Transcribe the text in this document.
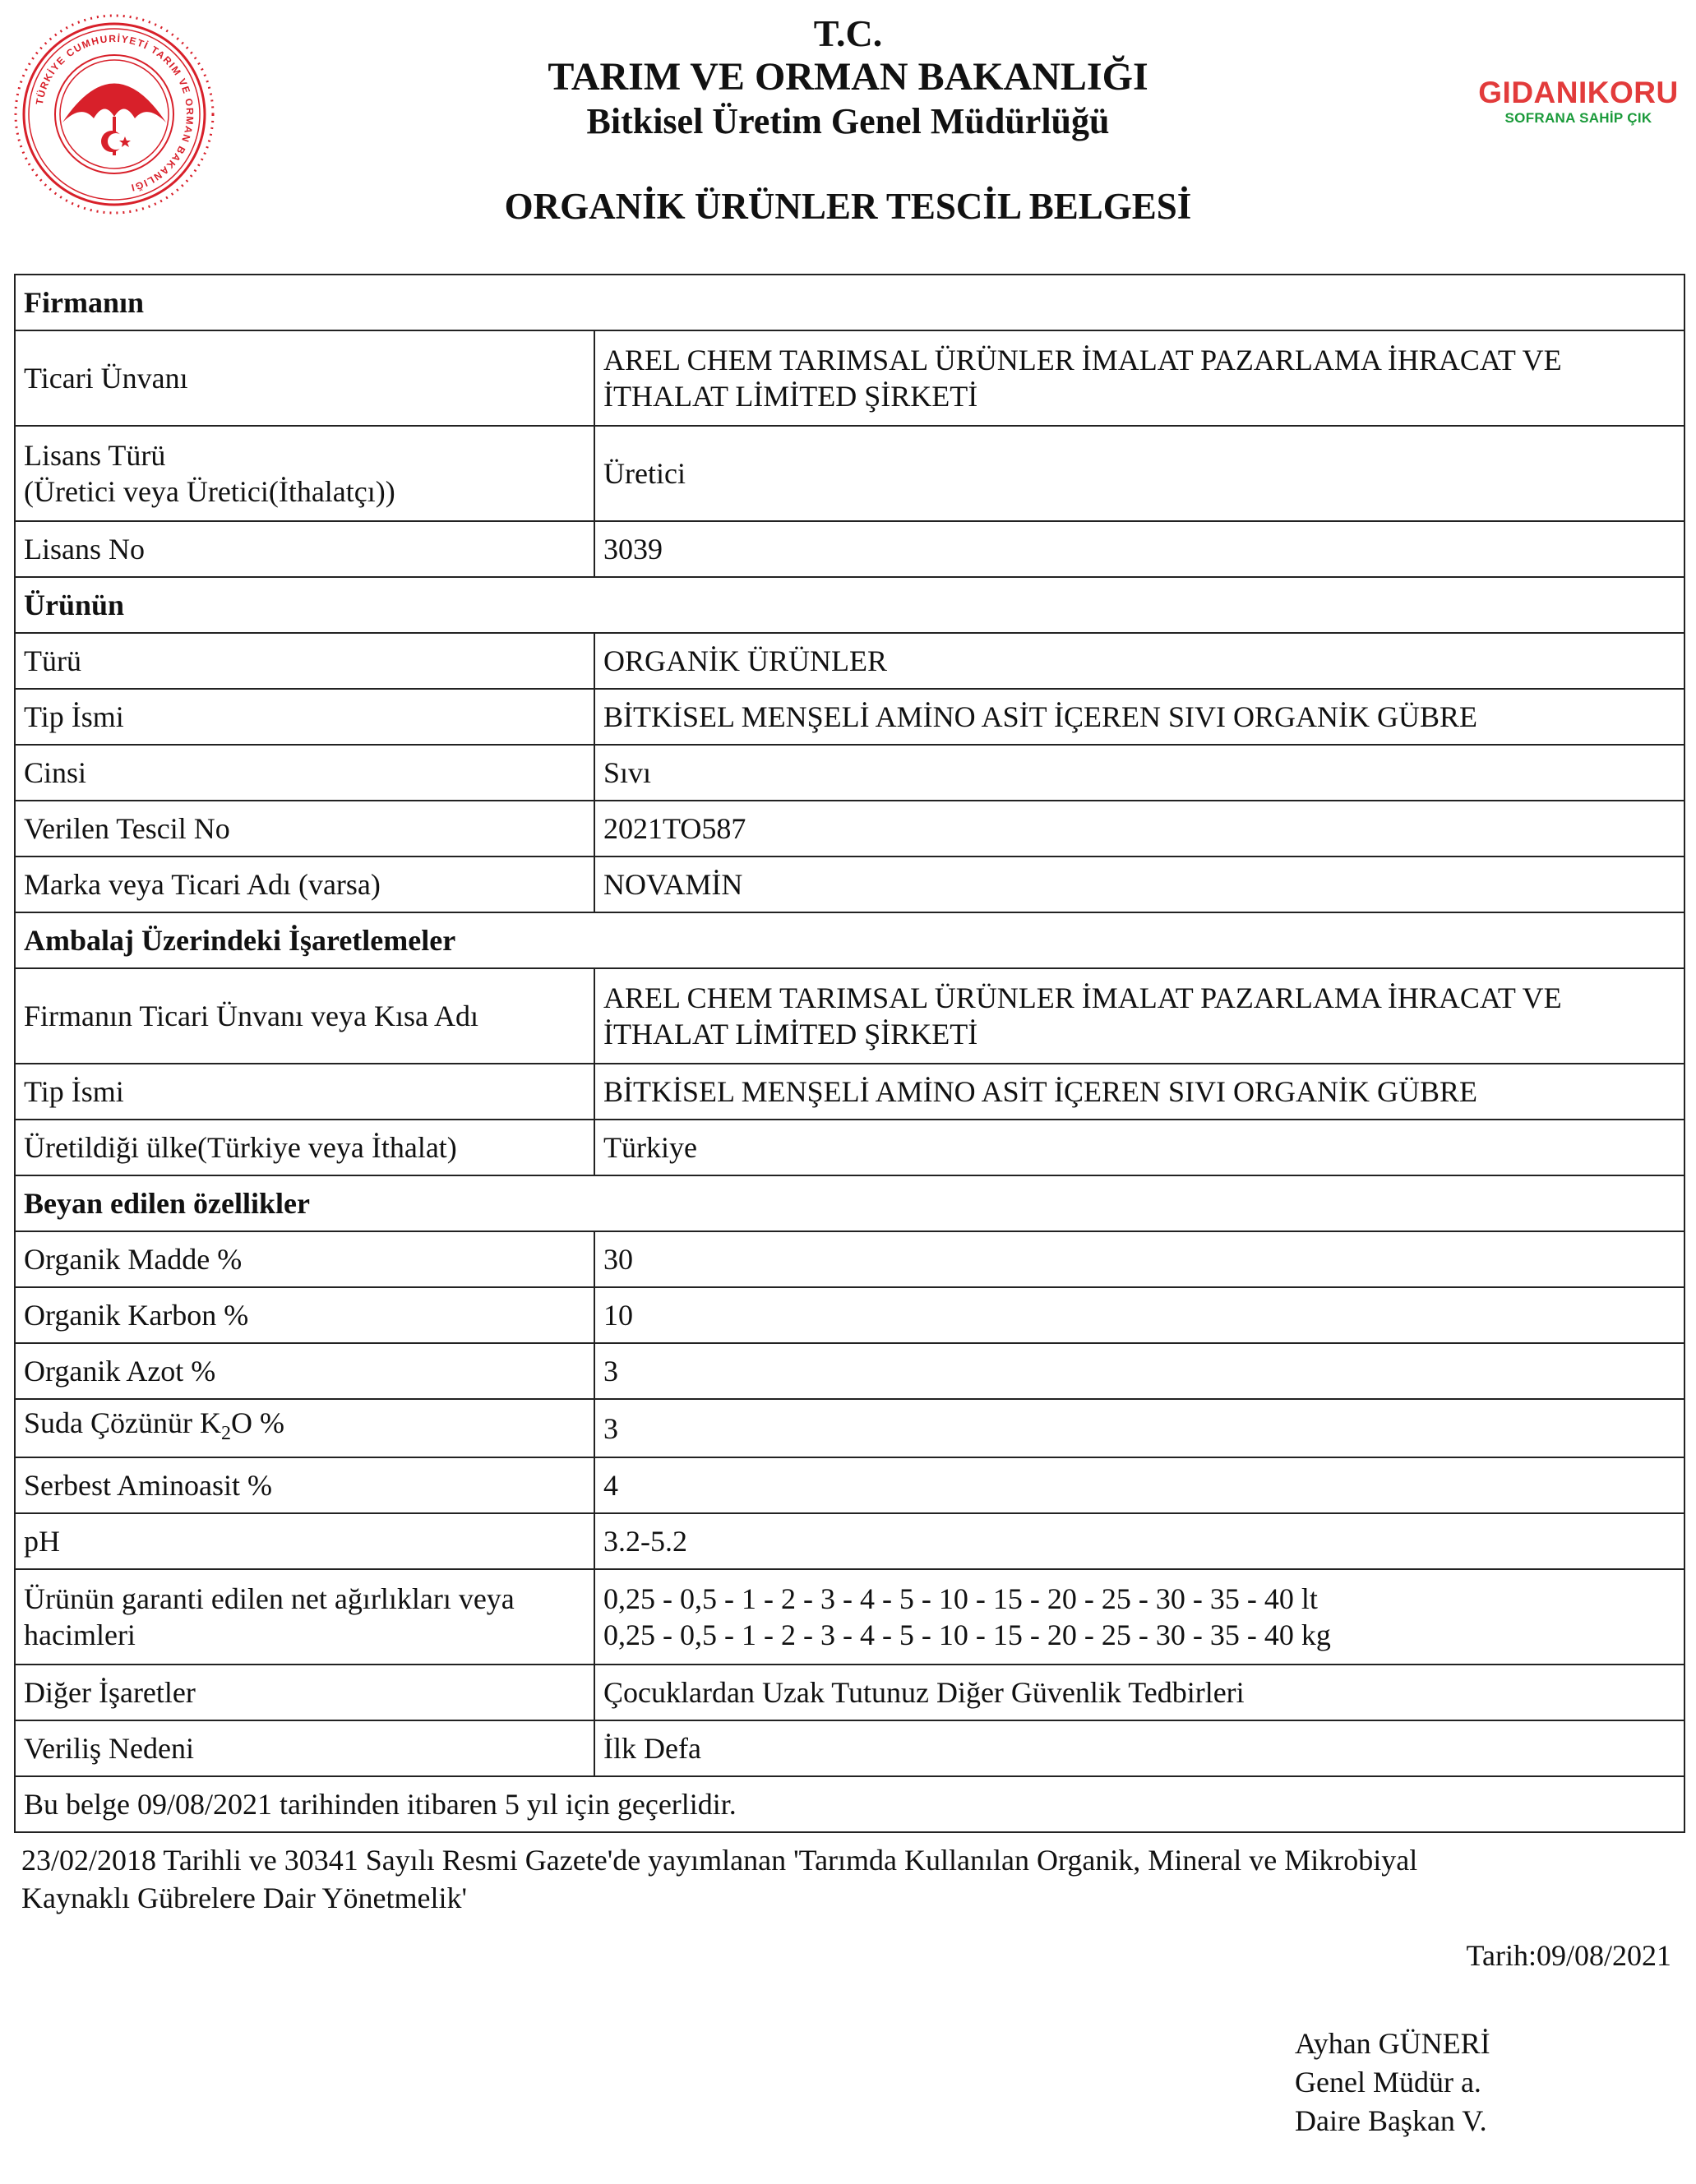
TÜRKİYE CUMHURİYETİ TARIM VE ORMAN BAKANLIĞI
T.C.
TARIM VE ORMAN BAKANLIĞI
Bitkisel Üretim Genel Müdürlüğü
ORGANİK ÜRÜNLER TESCİL BELGESİ
GIDANIKORU
SOFRANA SAHİP ÇIK
Firmanın	
Ticari Ünvanı	AREL CHEM TARIMSAL ÜRÜNLER İMALAT PAZARLAMA İHRACAT VE
İTHALAT LİMİTED ŞİRKETİ
Lisans Türü
(Üretici veya Üretici(İthalatçı))	Üretici
Lisans No	3039
Ürünün	
Türü	ORGANİK ÜRÜNLER
Tip İsmi	BİTKİSEL MENŞELİ AMİNO ASİT İÇEREN SIVI ORGANİK GÜBRE
Cinsi	Sıvı
Verilen Tescil No	2021TO587
Marka veya Ticari Adı (varsa)	NOVAMİN
Ambalaj Üzerindeki İşaretlemeler	
Firmanın Ticari Ünvanı veya Kısa Adı	AREL CHEM TARIMSAL ÜRÜNLER İMALAT PAZARLAMA İHRACAT VE
İTHALAT LİMİTED ŞİRKETİ
Tip İsmi	BİTKİSEL MENŞELİ AMİNO ASİT İÇEREN SIVI ORGANİK GÜBRE
Üretildiği ülke(Türkiye veya İthalat)	Türkiye
Beyan edilen özellikler	
Organik Madde %	30
Organik Karbon %	10
Organik Azot %	3
Suda Çözünür $K_2O$ %	3
Serbest Aminoasit %	4
pH	3.2-5.2
Ürünün garanti edilen net ağırlıkları veya
hacimleri	0,25 - 0,5 - 1 - 2 - 3 - 4 - 5 - 10 - 15 - 20 - 25 - 30 - 35 - 40 lt
0,25 - 0,5 - 1 - 2 - 3 - 4 - 5 - 10 - 15 - 20 - 25 - 30 - 35 - 40 kg
Diğer İşaretler	Çocuklardan Uzak Tutunuz Diğer Güvenlik Tedbirleri
Veriliş Nedeni	İlk Defa
Bu belge 09/08/2021 tarihinden itibaren 5 yıl için geçerlidir.	
23/02/2018 Tarihli ve 30341 Sayılı Resmi Gazete'de yayımlanan 'Tarımda Kullanılan Organik, Mineral ve Mikrobiyal
Kaynaklı Gübrelere Dair Yönetmelik'
Tarih:09/08/2021
Ayhan GÜNERİ
Genel Müdür a.
Daire Başkan V.
